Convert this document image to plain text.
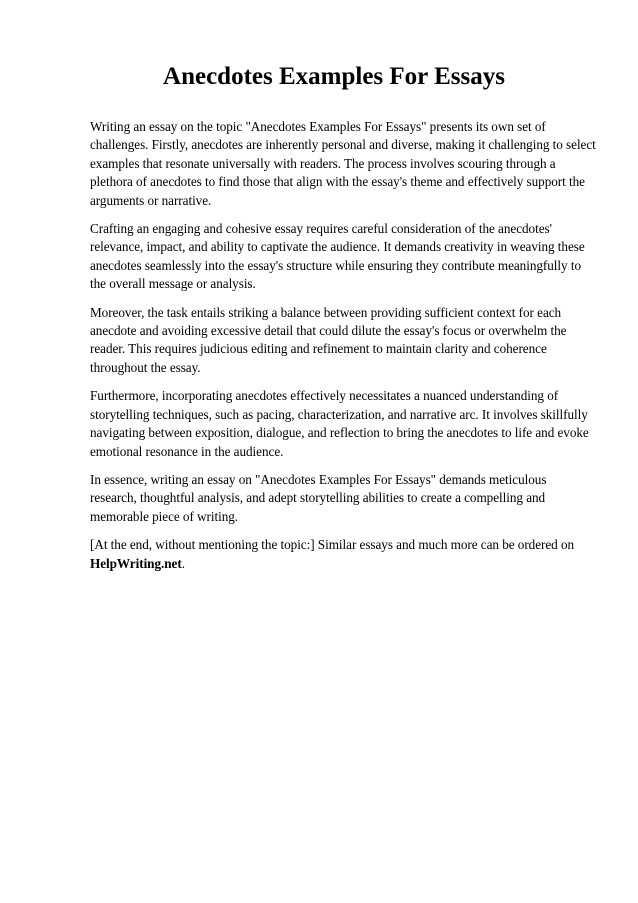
Anecdotes Examples For Essays

Writing an essay on the topic "Anecdotes Examples For Essays" presents its own set of challenges. Firstly, anecdotes are inherently personal and diverse, making it challenging to select examples that resonate universally with readers. The process involves scouring through a plethora of anecdotes to find those that align with the essay's theme and effectively support the arguments or narrative.

Crafting an engaging and cohesive essay requires careful consideration of the anecdotes' relevance, impact, and ability to captivate the audience. It demands creativity in weaving these anecdotes seamlessly into the essay's structure while ensuring they contribute meaningfully to the overall message or analysis.

Moreover, the task entails striking a balance between providing sufficient context for each anecdote and avoiding excessive detail that could dilute the essay's focus or overwhelm the reader. This requires judicious editing and refinement to maintain clarity and coherence throughout the essay.

Furthermore, incorporating anecdotes effectively necessitates a nuanced understanding of storytelling techniques, such as pacing, characterization, and narrative arc. It involves skillfully navigating between exposition, dialogue, and reflection to bring the anecdotes to life and evoke emotional resonance in the audience.

In essence, writing an essay on "Anecdotes Examples For Essays" demands meticulous research, thoughtful analysis, and adept storytelling abilities to create a compelling and memorable piece of writing.

[At the end, without mentioning the topic:] Similar essays and much more can be ordered on HelpWriting.net.
